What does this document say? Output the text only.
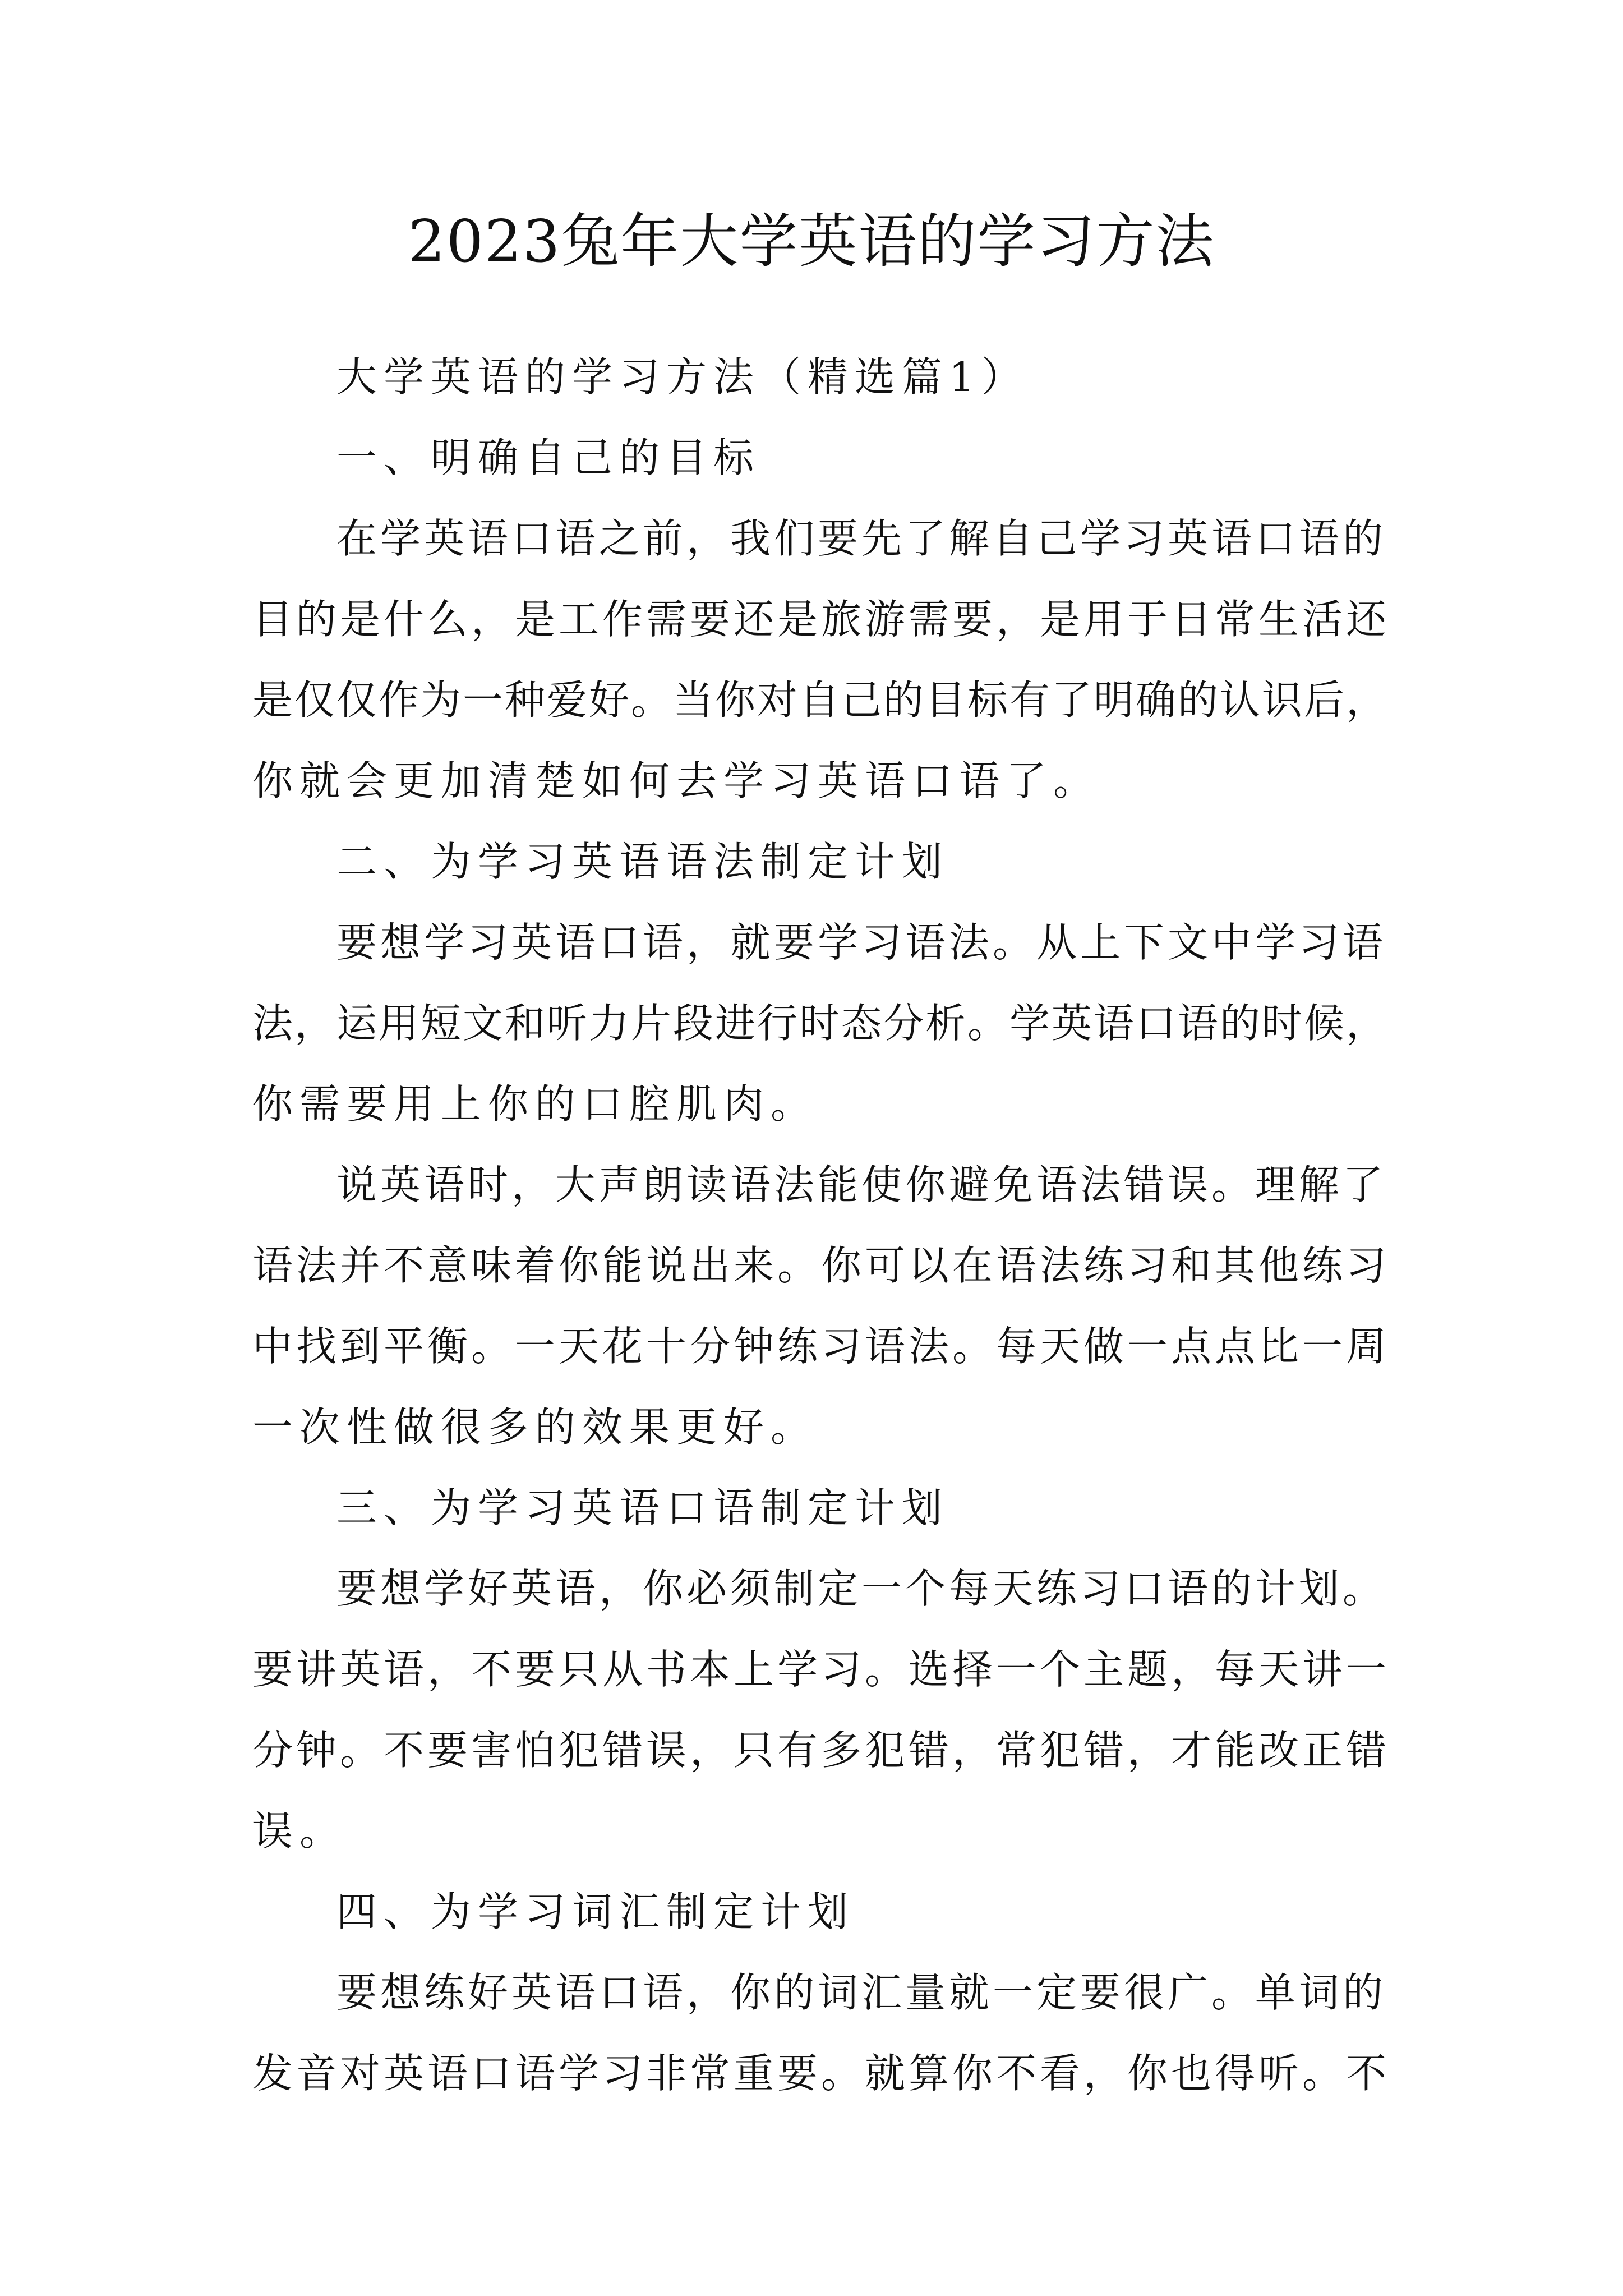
2023兔年大学英语的学习方法
大学英语的学习方法（精选篇1）
一、明确自己的目标
在学英语口语之前，我们要先了解自己学习英语口语的
目的是什么，是工作需要还是旅游需要，是用于日常生活还
是仅仅作为一种爱好。当你对自己的目标有了明确的认识后，
你就会更加清楚如何去学习英语口语了。
二、为学习英语语法制定计划
要想学习英语口语，就要学习语法。从上下文中学习语
法，运用短文和听力片段进行时态分析。学英语口语的时候，
你需要用上你的口腔肌肉。
说英语时，大声朗读语法能使你避免语法错误。理解了
语法并不意味着你能说出来。你可以在语法练习和其他练习
中找到平衡。一天花十分钟练习语法。每天做一点点比一周
一次性做很多的效果更好。
三、为学习英语口语制定计划
要想学好英语，你必须制定一个每天练习口语的计划。
要讲英语，不要只从书本上学习。选择一个主题，每天讲一
分钟。不要害怕犯错误，只有多犯错，常犯错，才能改正错
误。
四、为学习词汇制定计划
要想练好英语口语，你的词汇量就一定要很广。单词的
发音对英语口语学习非常重要。就算你不看，你也得听。不
